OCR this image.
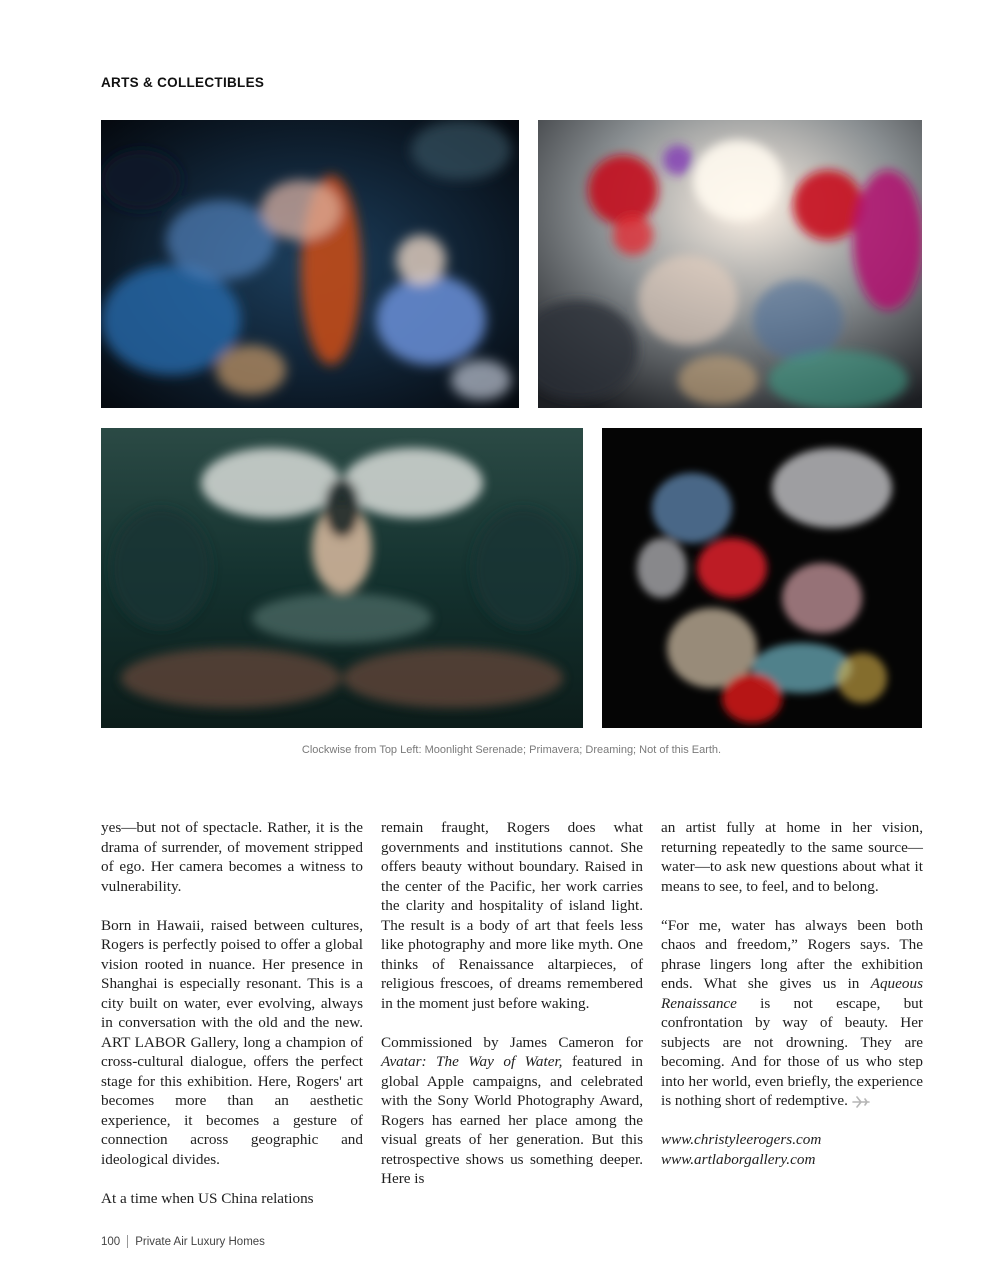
ARTS & COLLECTIBLES
Clockwise from Top Left: Moonlight Serenade; Primavera; Dreaming; Not of this Earth.

yes—but not of spectacle. Rather, it is the drama of surrender, of movement stripped of ego. Her camera becomes a witness to vulnerability.

Born in Hawaii, raised between cultures, Rogers is perfectly poised to offer a global vision rooted in nuance. Her presence in Shanghai is especially resonant. This is a city built on water, ever evolving, always in conversation with the old and the new. ART LABOR Gallery, long a champion of cross-cultural dialogue, offers the perfect stage for this exhibition. Here, Rogers' art becomes more than an aesthetic experience, it becomes a gesture of connection across geographic and ideological divides.

At a time when US China relations

remain fraught, Rogers does what governments and institutions cannot. She offers beauty without boundary. Raised in the center of the Pacific, her work carries the clarity and hospitality of island light. The result is a body of art that feels less like photography and more like myth. One thinks of Renaissance altarpieces, of religious frescoes, of dreams remembered in the moment just before waking.

Commissioned by James Cameron for Avatar: The Way of Water, featured in global Apple campaigns, and celebrated with the Sony World Photography Award, Rogers has earned her place among the visual greats of her generation. But this retrospective shows us something deeper. Here is

an artist fully at home in her vision, returning repeatedly to the same source—water—to ask new questions about what it means to see, to feel, and to belong.

“For me, water has always been both chaos and freedom,” Rogers says. The phrase lingers long after the exhibition ends. What she gives us in Aqueous Renaissance is not escape, but confrontation by way of beauty. Her subjects are not drowning. They are becoming. And for those of us who step into her world, even briefly, the experience is nothing short of redemptive.

www.christyleerogers.com
www.artlaborgallery.com
100 Private Air Luxury Homes
